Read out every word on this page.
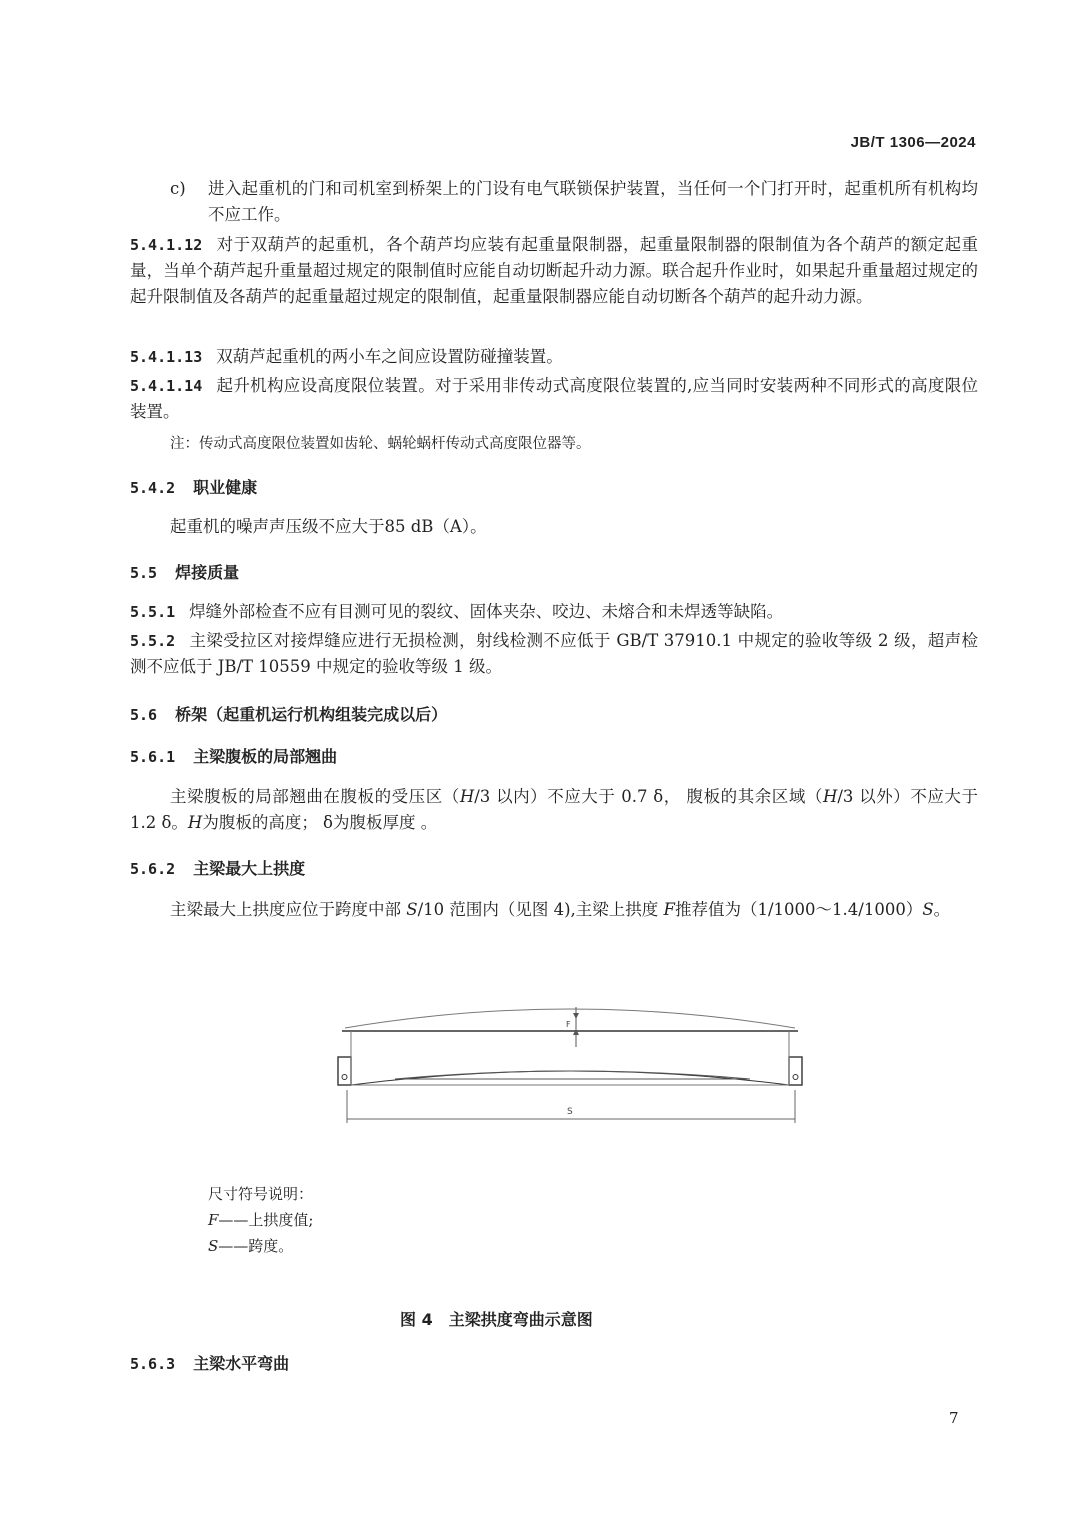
JB/T 1306—2024
c) 进入起重机的门和司机室到桥架上的门设有电气联锁保护装置，当任何一个门打开时，起重机所有机构均不应工作。
5.4.1.12 对于双葫芦的起重机，各个葫芦均应装有起重量限制器，起重量限制器的限制值为各个葫芦的额定起重量，当单个葫芦起升重量超过规定的限制值时应能自动切断起升动力源。联合起升作业时，如果起升重量超过规定的起升限制值及各葫芦的起重量超过规定的限制值，起重量限制器应能自动切断各个葫芦的起升动力源。
5.4.1.13 双葫芦起重机的两小车之间应设置防碰撞装置。
5.4.1.14 起升机构应设高度限位装置。对于采用非传动式高度限位装置的,应当同时安装两种不同形式的高度限位装置。
注：传动式高度限位装置如齿轮、蜗轮蜗杆传动式高度限位器等。
5.4.2 职业健康
起重机的噪声声压级不应大于85 dB（A）。
5.5 焊接质量
5.5.1 焊缝外部检查不应有目测可见的裂纹、固体夹杂、咬边、未熔合和未焊透等缺陷。
5.5.2 主梁受拉区对接焊缝应进行无损检测，射线检测不应低于 GB/T 37910.1 中规定的验收等级 2 级，超声检测不应低于 JB/T 10559 中规定的验收等级 1 级。
5.6 桥架（起重机运行机构组装完成以后）
5.6.1 主梁腹板的局部翘曲
主梁腹板的局部翘曲在腹板的受压区（H/3 以内）不应大于 0.7 δ， 腹板的其余区域（H/3 以外）不应大于 1.2 δ。H为腹板的高度； δ为腹板厚度 。
5.6.2 主梁最大上拱度
主梁最大上拱度应位于跨度中部 S/10 范围内（见图 4),主梁上拱度 F推荐值为（1/1000～1.4/1000）S。
F
S
尺寸符号说明：
F——上拱度值;
S——跨度。
图 4　主梁拱度弯曲示意图
5.6.3 主梁水平弯曲
7
